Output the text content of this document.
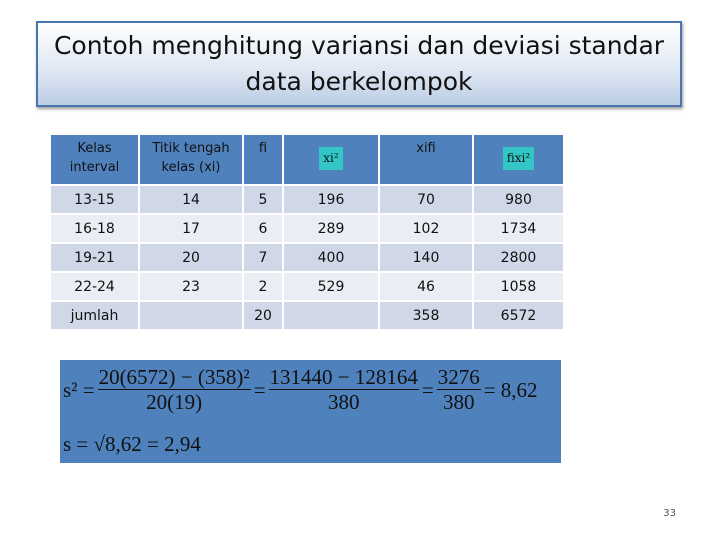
Contoh menghitung variansi dan deviasi standar data berkelompok
Kelas interval	Titik tengah kelas (xi)	fi	xi²	xifi	fixi²
13-15	14	5	196	70	980
16-18	17	6	289	102	1734
19-21	20	7	400	140	2800
22-24	23	2	529	46	1058
jumlah		20		358	6572
$s^2 = \frac{\text{20(6572) − (358)²}}{20(19)} = \frac{131440 - 128164}{380} = \frac{3276}{380} = 8,62$
s = √8,62 = 2,94
33
